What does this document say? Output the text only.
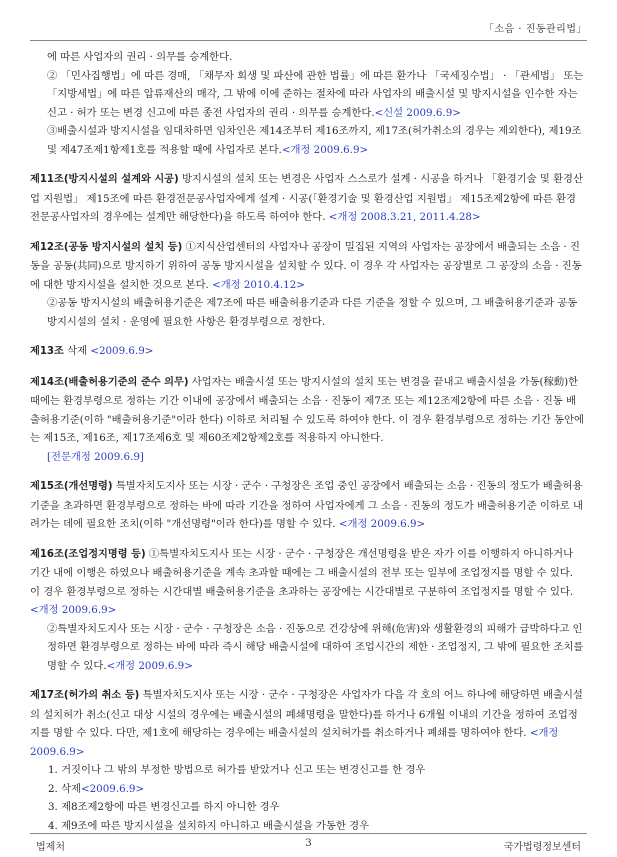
「소음 · 진동관리법」

에 따른 사업자의 권리 · 의무를 승계한다.

② 「민사집행법」에 따른 경매, 「채무자 회생 및 파산에 관한 법률」에 따른 환가나 「국세징수법」 · 「관세법」 또는 「지방세법」에 따른 압류재산의 매각, 그 밖에 이에 준하는 절차에 따라 사업자의 배출시설 및 방지시설을 인수한 자는 신고 · 허가 또는 변경 신고에 따른 종전 사업자의 권리 · 의무를 승계한다.<신설 2009.6.9>

③배출시설과 방지시설을 임대차하면 임차인은 제14조부터 제16조까지, 제17조(허가취소의 경우는 제외한다), 제19조 및 제47조제1항제1호를 적용할 때에 사업자로 본다.<개정 2009.6.9>

제11조(방지시설의 설계와 시공) 방지시설의 설치 또는 변경은 사업자 스스로가 설계 · 시공을 하거나 「환경기술 및 환경산업 지원법」 제15조에 따른 환경전문공사업자에게 설계 · 시공(「환경기술 및 환경산업 지원법」 제15조제2항에 따른 환경전문공사업자의 경우에는 설계만 해당한다)을 하도록 하여야 한다. <개정 2008.3.21, 2011.4.28>

제12조(공동 방지시설의 설치 등) ①지식산업센터의 사업자나 공장이 밀집된 지역의 사업자는 공장에서 배출되는 소음 · 진동을 공동(共同)으로 방지하기 위하여 공동 방지시설을 설치할 수 있다. 이 경우 각 사업자는 공장별로 그 공장의 소음 · 진동에 대한 방지시설을 설치한 것으로 본다. <개정 2010.4.12>

②공동 방지시설의 배출허용기준은 제7조에 따른 배출허용기준과 다른 기준을 정할 수 있으며, 그 배출허용기준과 공동 방지시설의 설치 · 운영에 필요한 사항은 환경부령으로 정한다.

제13조 삭제 <2009.6.9>

제14조(배출허용기준의 준수 의무) 사업자는 배출시설 또는 방지시설의 설치 또는 변경을 끝내고 배출시설을 가동(稼動)한 때에는 환경부령으로 정하는 기간 이내에 공장에서 배출되는 소음 · 진동이 제7조 또는 제12조제2항에 따른 소음 · 진동 배출허용기준(이하 "배출허용기준"이라 한다) 이하로 처리될 수 있도록 하여야 한다. 이 경우 환경부령으로 정하는 기간 동안에는 제15조, 제16조, 제17조제6호 및 제60조제2항제2호를 적용하지 아니한다.

[전문개정 2009.6.9]

제15조(개선명령) 특별자치도지사 또는 시장 · 군수 · 구청장은 조업 중인 공장에서 배출되는 소음 · 진동의 정도가 배출허용기준을 초과하면 환경부령으로 정하는 바에 따라 기간을 정하여 사업자에게 그 소음 · 진동의 정도가 배출허용기준 이하로 내려가는 데에 필요한 조치(이하 "개선명령"이라 한다)를 명할 수 있다. <개정 2009.6.9>

제16조(조업정지명령 등) ①특별자치도지사 또는 시장 · 군수 · 구청장은 개선명령을 받은 자가 이를 이행하지 아니하거나 기간 내에 이행은 하였으나 배출허용기준을 계속 초과할 때에는 그 배출시설의 전부 또는 일부에 조업정지를 명할 수 있다. 이 경우 환경부령으로 정하는 시간대별 배출허용기준을 초과하는 공장에는 시간대별로 구분하여 조업정지를 명할 수 있다. <개정 2009.6.9>

②특별자치도지사 또는 시장 · 군수 · 구청장은 소음 · 진동으로 건강상에 위해(危害)와 생활환경의 피해가 급박하다고 인정하면 환경부령으로 정하는 바에 따라 즉시 해당 배출시설에 대하여 조업시간의 제한 · 조업정지, 그 밖에 필요한 조치를 명할 수 있다.<개정 2009.6.9>

제17조(허가의 취소 등) 특별자치도지사 또는 시장 · 군수 · 구청장은 사업자가 다음 각 호의 어느 하나에 해당하면 배출시설의 설치허가 취소(신고 대상 시설의 경우에는 배출시설의 폐쇄명령을 말한다)를 하거나 6개월 이내의 기간을 정하여 조업정지를 명할 수 있다. 다만, 제1호에 해당하는 경우에는 배출시설의 설치허가를 취소하거나 폐쇄를 명하여야 한다. <개정 2009.6.9>

1. 거짓이나 그 밖의 부정한 방법으로 허가를 받았거나 신고 또는 변경신고를 한 경우

2. 삭제<2009.6.9>

3. 제8조제2항에 따른 변경신고를 하지 아니한 경우

4. 제9조에 따른 방지시설을 설치하지 아니하고 배출시설을 가동한 경우

법제처	3	국가법령정보센터
